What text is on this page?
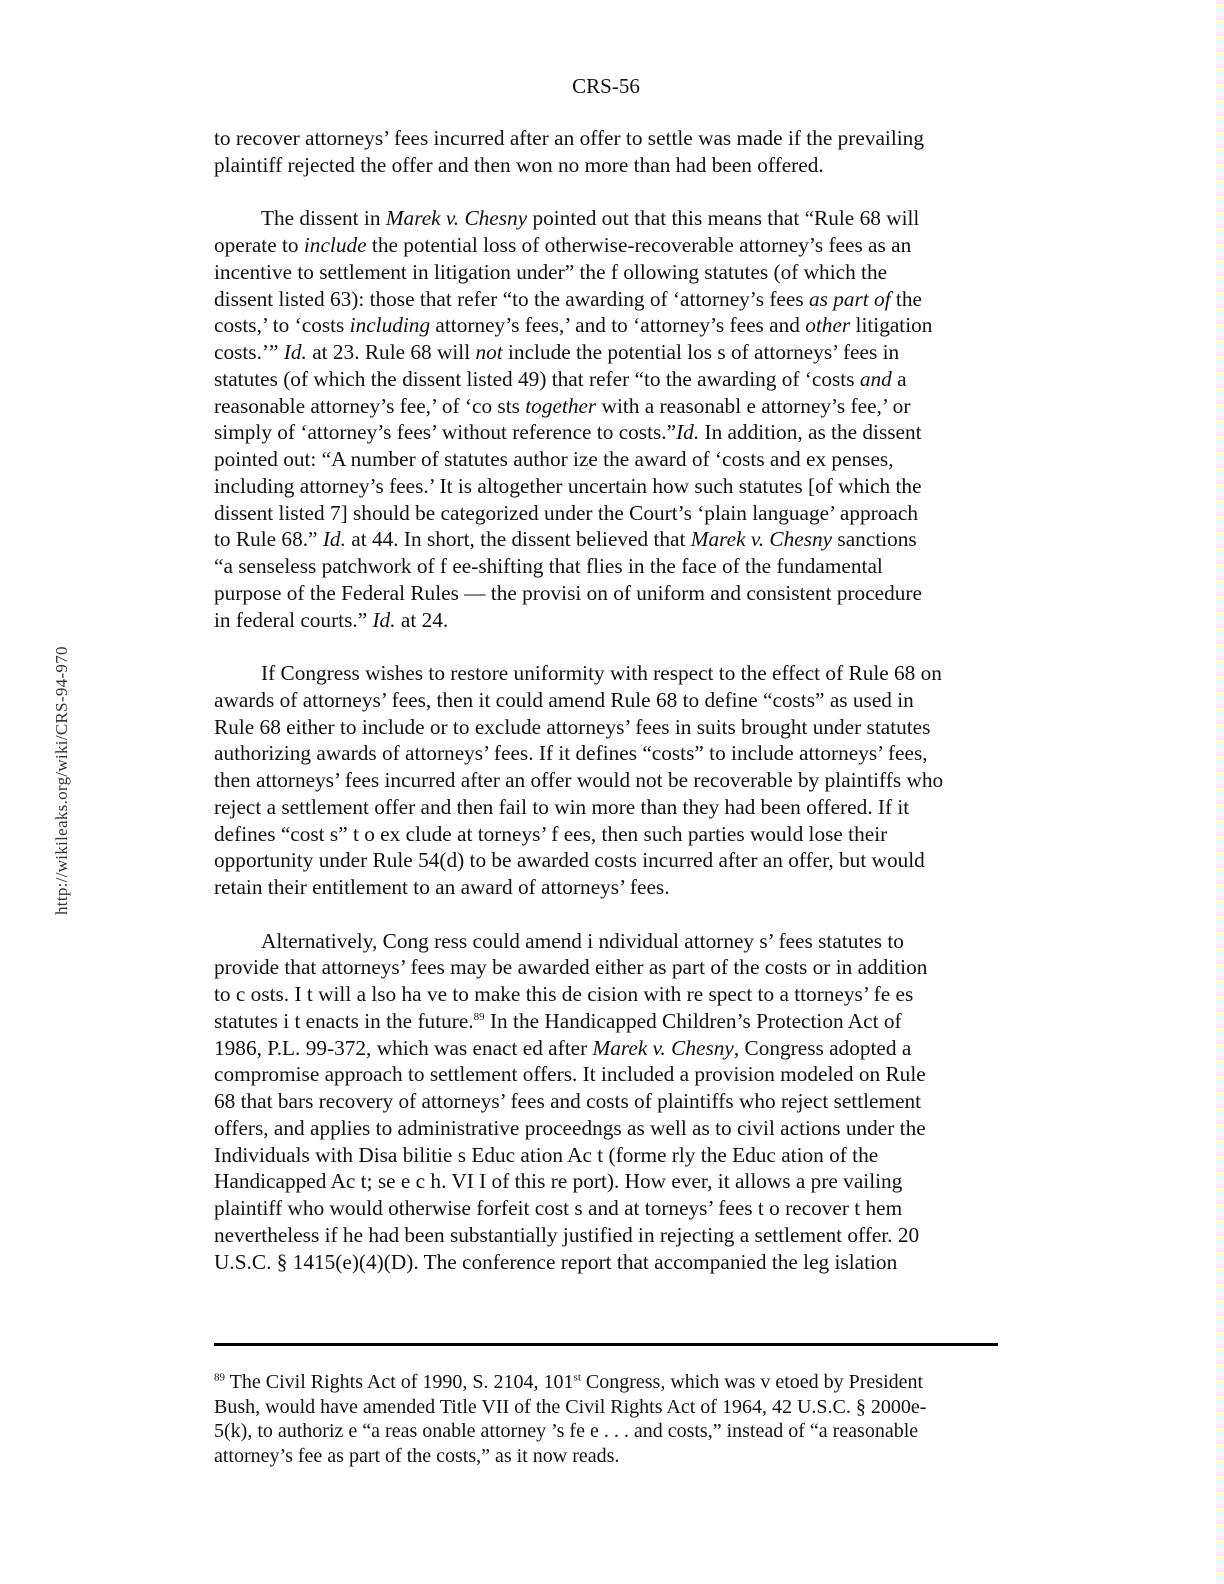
http://wikileaks.org/wiki/CRS-94-970
CRS-56

to recover attorneys’ fees incurred after an offer to settle was made if the prevailing
plaintiff rejected the offer and then won no more than had been offered.

The dissent in Marek v. Chesny pointed out that this means that “Rule 68 will
operate to include the potential loss of otherwise-recoverable attorney’s fees as an
incentive to settlement in litigation under” the f ollowing statutes (of which the
dissent listed 63): those that refer “to the awarding of ‘attorney’s fees as part of the
costs,’ to ‘costs including attorney’s fees,’ and to ‘attorney’s fees and other litigation
costs.’” Id. at 23. Rule 68 will not include the potential los s of attorneys’ fees in
statutes (of which the dissent listed 49) that refer “to the awarding of ‘costs and a
reasonable attorney’s fee,’ of ‘co sts together with a reasonabl e attorney’s fee,’ or
simply of ‘attorney’s fees’ without reference to costs.”Id. In addition, as the dissent
pointed out: “A number of statutes author ize the award of ‘costs and ex penses,
including attorney’s fees.’ It is altogether uncertain how such statutes [of which the
dissent listed 7] should be categorized under the Court’s ‘plain language’ approach
to Rule 68.” Id. at 44. In short, the dissent believed that Marek v. Chesny sanctions
“a senseless patchwork of f ee-shifting that flies in the face of the fundamental
purpose of the Federal Rules — the provisi on of uniform and consistent procedure
in federal courts.” Id. at 24.

If Congress wishes to restore uniformity with respect to the effect of Rule 68 on
awards of attorneys’ fees, then it could amend Rule 68 to define “costs” as used in
Rule 68 either to include or to exclude attorneys’ fees in suits brought under statutes
authorizing awards of attorneys’ fees. If it defines “costs” to include attorneys’ fees,
then attorneys’ fees incurred after an offer would not be recoverable by plaintiffs who
reject a settlement offer and then fail to win more than they had been offered. If it
defines “cost s” t o ex clude at torneys’ f ees, then such parties would lose their
opportunity under Rule 54(d) to be awarded costs incurred after an offer, but would
retain their entitlement to an award of attorneys’ fees.

Alternatively, Cong ress could amend i ndividual attorney s’ fees statutes to
provide that attorneys’ fees may be awarded either as part of the costs or in addition
to c osts. I t will a lso ha ve to make this de cision with re spect to a ttorneys’ fe es
statutes i t enacts in the future.$^{89}$ In the Handicapped Children’s Protection Act of
1986, P.L. 99-372, which was enact ed after Marek v. Chesny, Congress adopted a
compromise approach to settlement offers. It included a provision modeled on Rule
68 that bars recovery of attorneys’ fees and costs of plaintiffs who reject settlement
offers, and applies to administrative proceedngs as well as to civil actions under the
Individuals with Disa bilitie s Educ ation Ac t (forme rly the Educ ation of the
Handicapped Ac t; se e c h. VI I of this re port). How ever, it allows a pre vailing
plaintiff who would otherwise forfeit cost s and at torneys’ fees t o recover t hem
nevertheless if he had been substantially justified in rejecting a settlement offer. 20
U.S.C. § 1415(e)(4)(D). The conference report that accompanied the leg islation

$^{89}$ The Civil Rights Act of 1990, S. 2104, 101st Congress, which was v etoed by President
Bush, would have amended Title VII of the Civil Rights Act of 1964, 42 U.S.C. § 2000e-
5(k), to authoriz e “a reas onable attorney ’s fe e . . . and costs,” instead of “a reasonable
attorney’s fee as part of the costs,” as it now reads.
